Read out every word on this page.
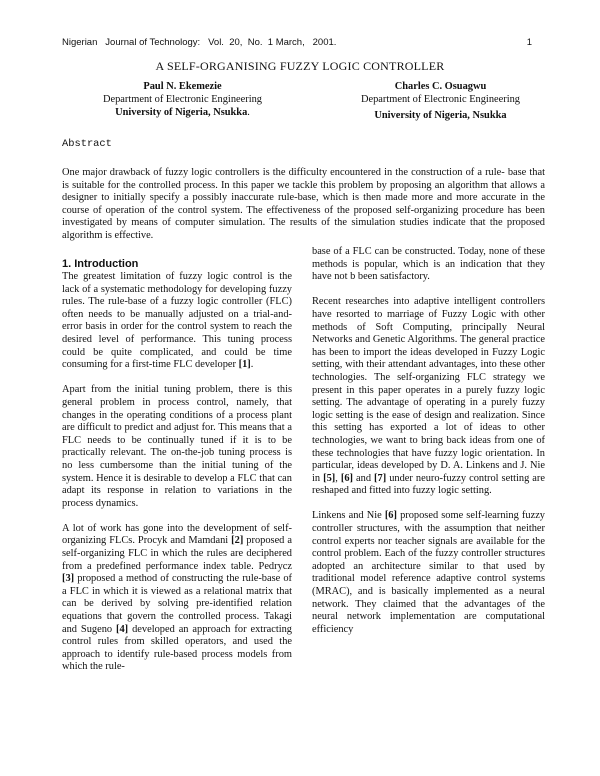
Nigerian   Journal of Technology:   Vol.  20,  No.  1 March,   2001.	1
A SELF-ORGANISING FUZZY LOGIC CONTROLLER
Paul N. Ekemezie
Department of Electronic Engineering
University of Nigeria, Nsukka.
Charles C. Osuagwu
Department of Electronic Engineering
University of Nigeria, Nsukka
Abstract
One major drawback of fuzzy logic controllers is the difficulty encountered in the construction of a rule- base that is suitable for the controlled process. In this paper we tackle this problem by proposing an algorithm that allows a designer to initially specify a possibly inaccurate rule-base, which is then made more and more accurate in the course of operation of the control system. The effectiveness of the proposed self-organizing procedure has been investigated by means of computer simulation. The results of the simulation studies indicate that the proposed algorithm is effective.
1. Introduction

The greatest limitation of fuzzy logic control is the lack of a systematic methodology for developing fuzzy rules. The rule-base of a fuzzy logic controller (FLC) often needs to be manually adjusted on a trial-and-error basis in order for the control system to reach the desired level of performance. This tuning process could be quite complicated, and could be time consuming for a first-time FLC developer [1].

Apart from the initial tuning problem, there is this general problem in process control, namely, that changes in the operating conditions of a process plant are difficult to predict and adjust for. This means that a FLC needs to be continually tuned if it is to be practically relevant. The on-the-job tuning process is no less cumbersome than the initial tuning of the system. Hence it is desirable to develop a FLC that can adapt its response in relation to variations in the process dynamics.

A lot of work has gone into the development of self-organizing FLCs. Procyk and Mamdani [2] proposed a self-organizing FLC in which the rules are deciphered from a predefined performance index table. Pedrycz [3] proposed a method of constructing the rule-base of a FLC in which it is viewed as a relational matrix that can be derived by solving pre-identified relation equations that govern the controlled process. Takagi and Sugeno [4] developed an approach for extracting control rules from skilled operators, and used the approach to identify rule-based process models from which the rule-

base of a FLC can be constructed. Today, none of these methods is popular, which is an indication that they have not b been satisfactory.

Recent researches into adaptive intelligent controllers have resorted to marriage of Fuzzy Logic with other methods of Soft Computing, principally Neural Networks and Genetic Algorithms. The general practice has been to import the ideas developed in Fuzzy Logic setting, with their attendant advantages, into these other technologies. The self-organizing FLC strategy we present in this paper operates in a purely fuzzy logic setting. The advantage of operating in a purely fuzzy logic setting is the ease of design and realization. Since this setting has exported a lot of ideas to other technologies, we want to bring back ideas from one of these technologies that have fuzzy logic orientation. In particular, ideas developed by D. A. Linkens and J. Nie in [5], [6] and [7] under neuro-fuzzy control setting are reshaped and fitted into fuzzy logic setting.

Linkens and Nie [6] proposed some self-learning fuzzy controller structures, with the assumption that neither control experts nor teacher signals are available for the control problem. Each of the fuzzy controller structures adopted an architecture similar to that used by traditional model reference adaptive control systems (MRAC), and is basically implemented as a neural network. They claimed that the advantages of the neural network implementation are computational efficiency
